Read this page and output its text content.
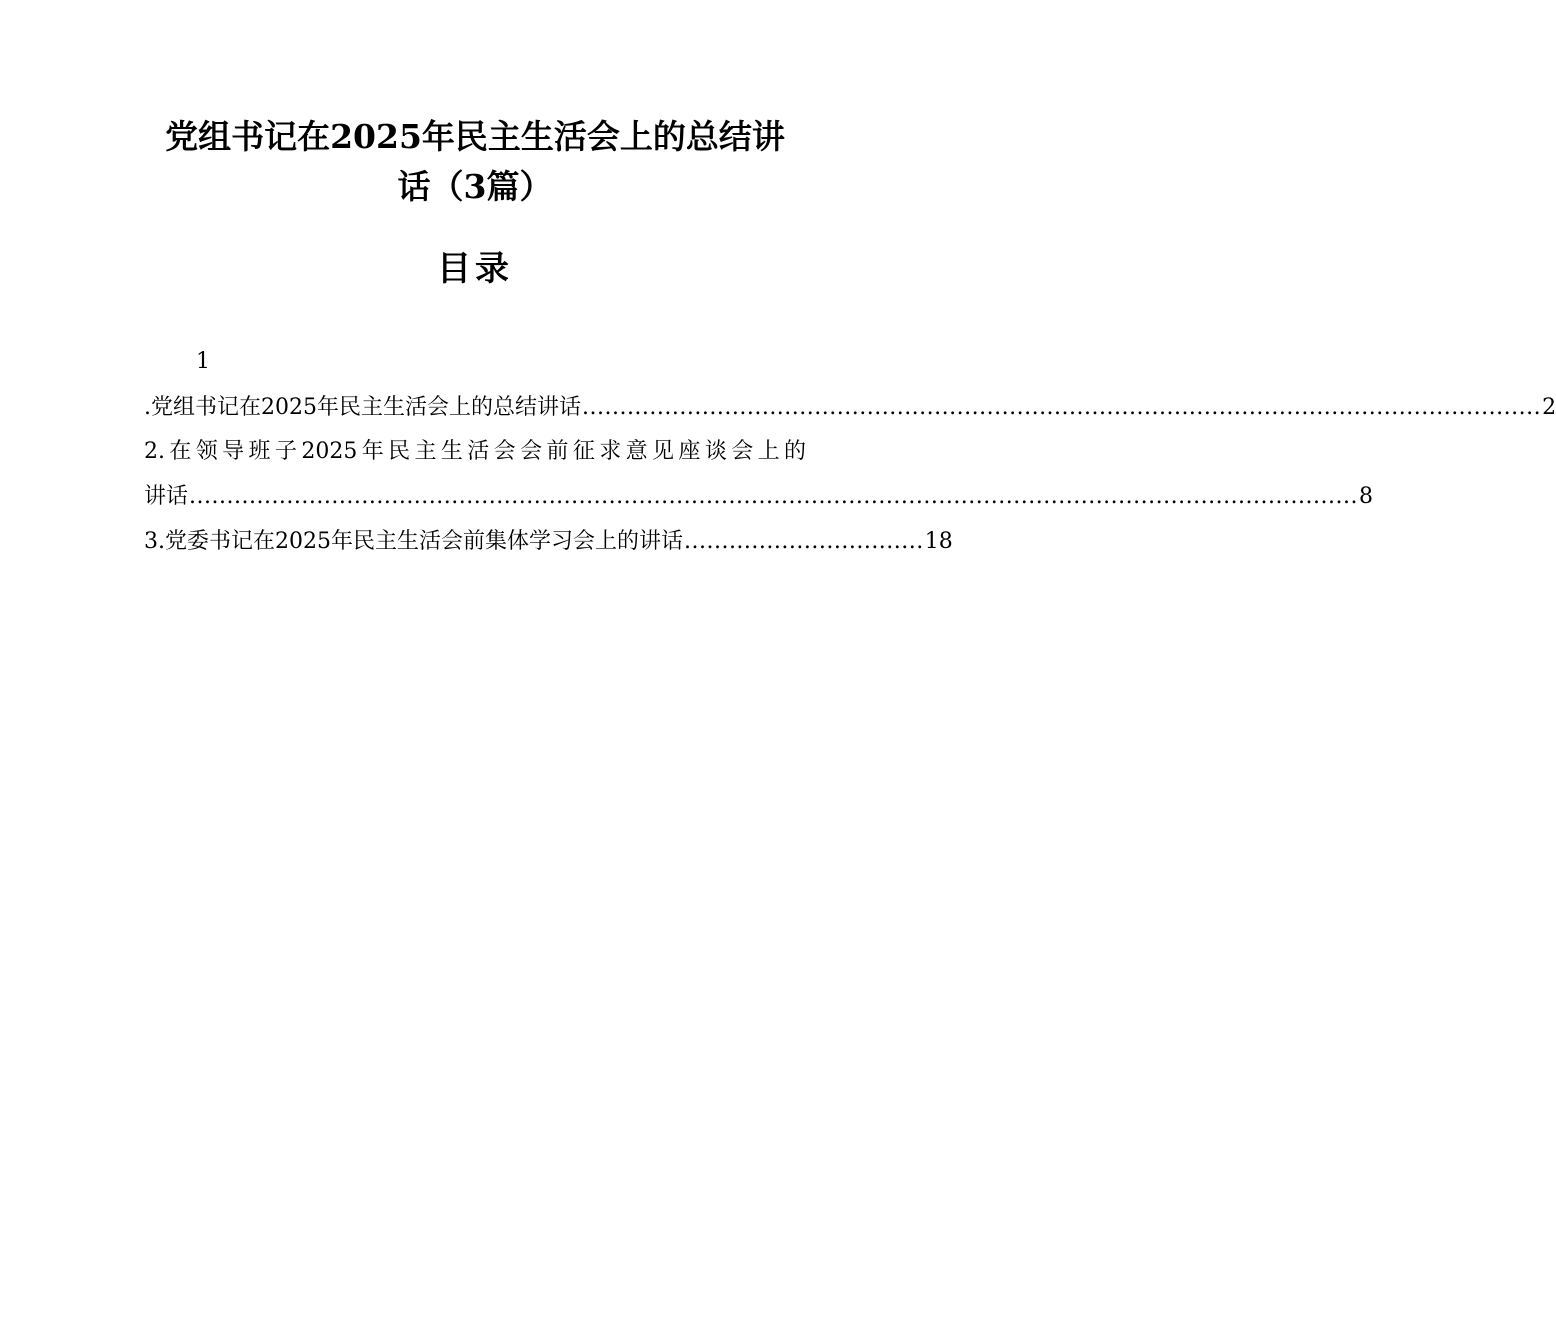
党组书记在2025年民主生活会上的总结讲
话（3篇）
目录
1
.党组书记在2025年民主生活会上的总结讲话 ................................................................................................................................ 2
2.在领导班子2025年民主生活会会前征求意见座谈会上的
讲话 ............................................................................................................................................................ 8
3.党委书记在2025年民主生活会前集体学习会上的讲话 ................................ 18
